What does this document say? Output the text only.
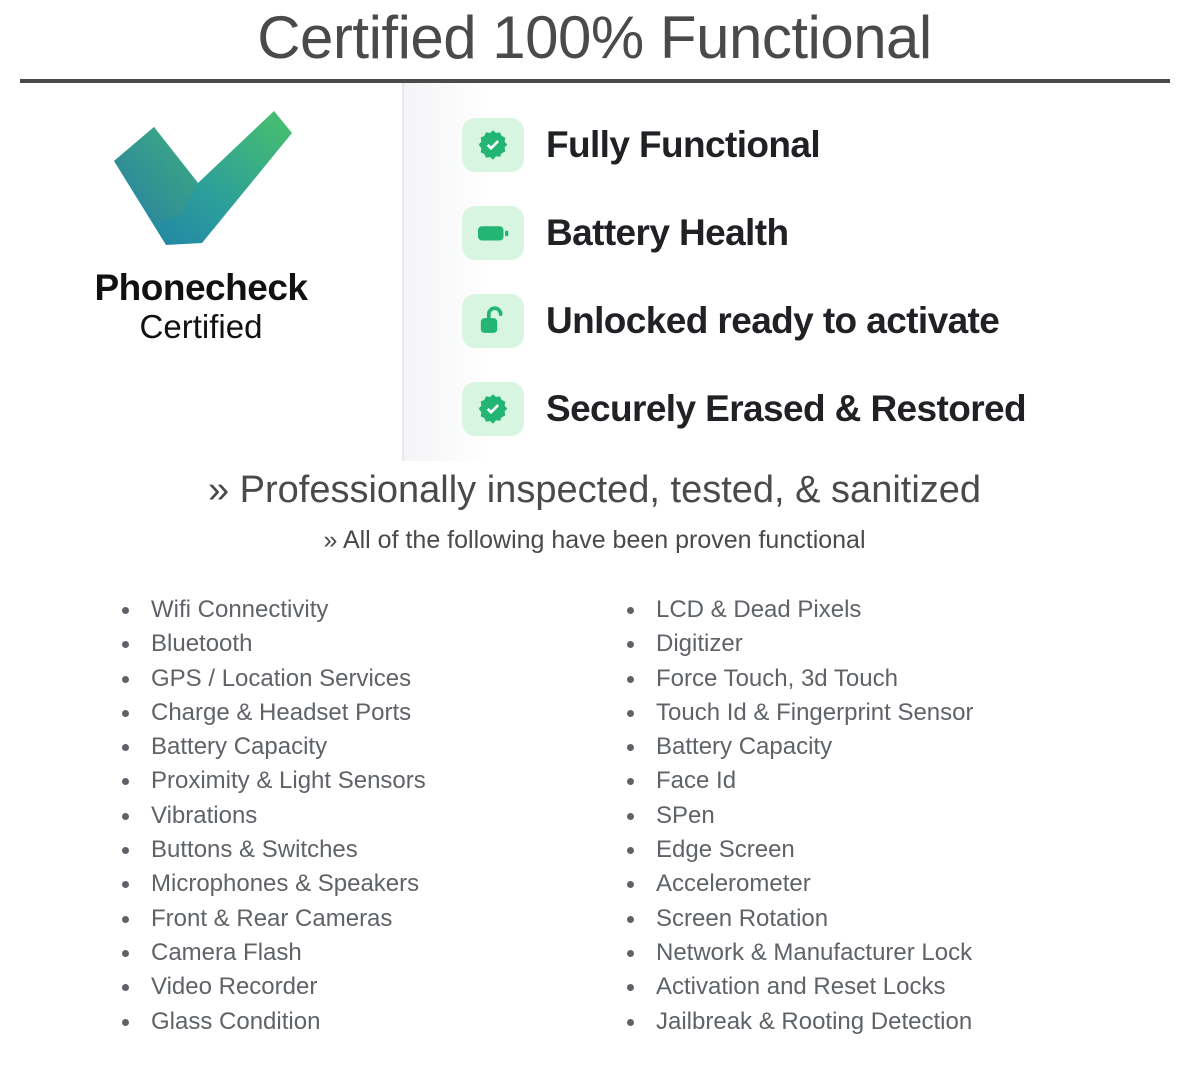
Certified 100% Functional
Phonecheck
Certified
Fully Functional
Battery Health
Unlocked ready to activate
Securely Erased & Restored
» Professionally inspected, tested, & sanitized
» All of the following have been proven functional
Wifi Connectivity
Bluetooth
GPS / Location Services
Charge & Headset Ports
Battery Capacity
Proximity & Light Sensors
Vibrations
Buttons & Switches
Microphones & Speakers
Front & Rear Cameras
Camera Flash
Video Recorder
Glass Condition
LCD & Dead Pixels
Digitizer
Force Touch, 3d Touch
Touch Id & Fingerprint Sensor
Battery Capacity
Face Id
SPen
Edge Screen
Accelerometer
Screen Rotation
Network & Manufacturer Lock
Activation and Reset Locks
Jailbreak & Rooting Detection
